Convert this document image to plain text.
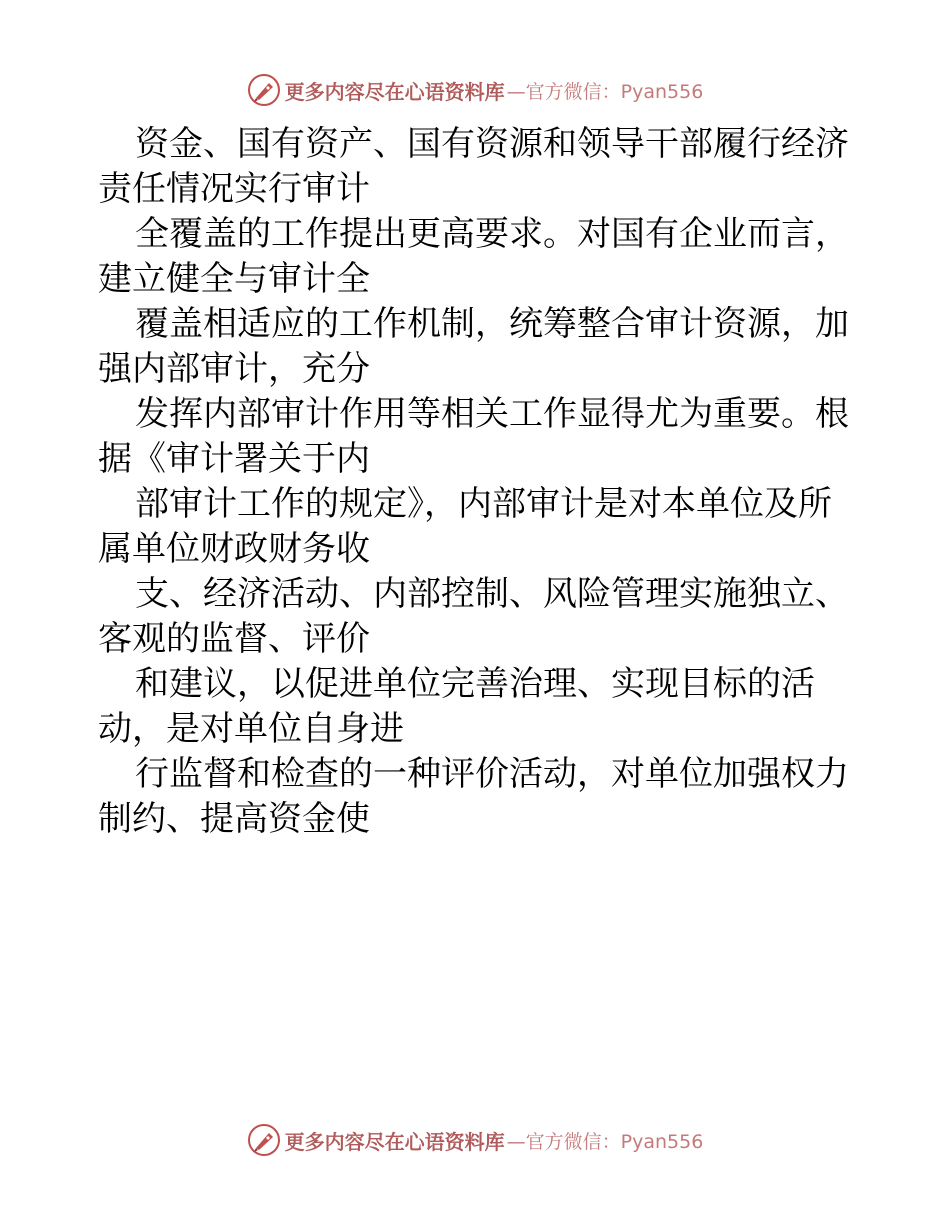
更多内容尽在心语资料库 —官方微信：Pyan556

资金、国有资产、国有资源和领导干部履行经济
责任情况实行审计

全覆盖的工作提出更高要求。对国有企业而言，
建立健全与审计全

覆盖相适应的工作机制，统筹整合审计资源，加
强内部审计，充分

发挥内部审计作用等相关工作显得尤为重要。根
据《审计署关于内

部审计工作的规定》，内部审计是对本单位及所
属单位财政财务收

支、经济活动、内部控制、风险管理实施独立、
客观的监督、评价

和建议，以促进单位完善治理、实现目标的活
动，是对单位自身进

行监督和检查的一种评价活动，对单位加强权力
制约、提高资金使

更多内容尽在心语资料库 —官方微信：Pyan556
